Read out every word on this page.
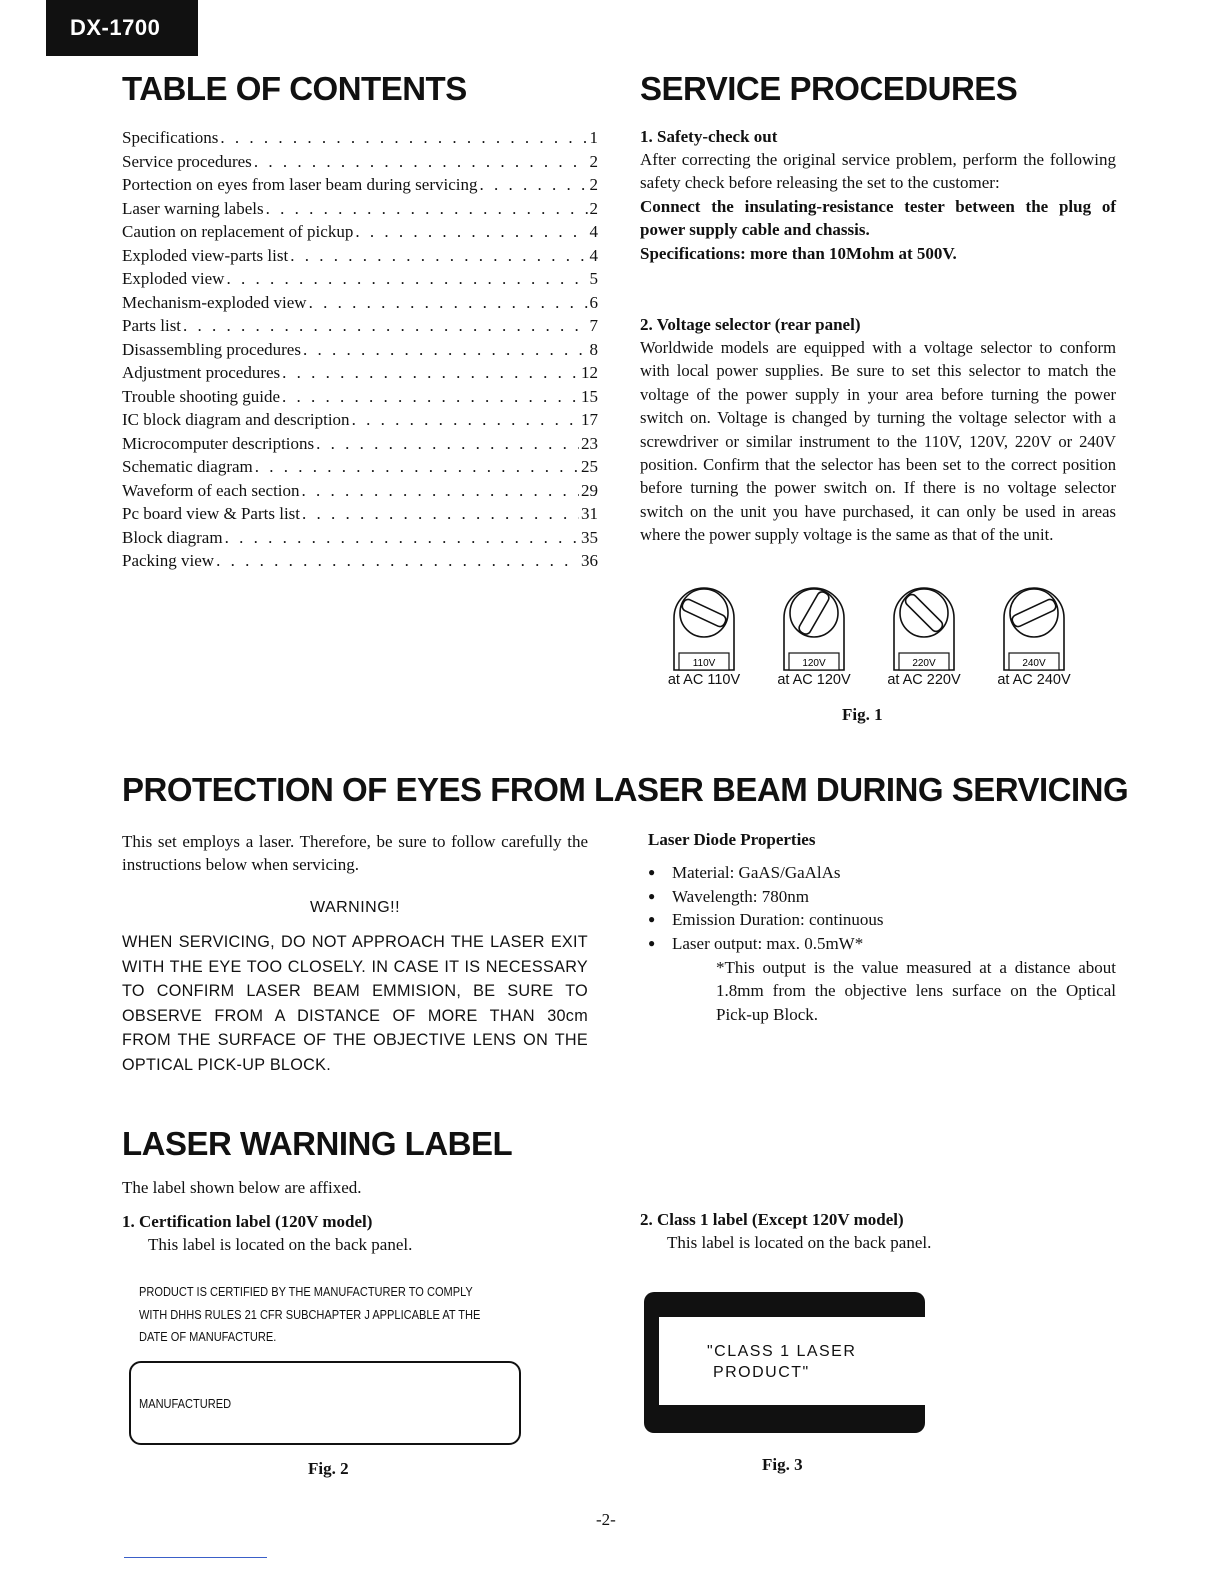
DX-1700
TABLE OF CONTENTS
Specifications . . .	1
Service procedures . . .	2
Portection on eyes from laser beam during servicing . . .	2
Laser warning labels . . .	2
Caution on replacement of pickup . . .	4
Exploded view-parts list . . .	4
Exploded view . . .	5
Mechanism-exploded view . . .	6
Parts list . . .	7
Disassembling procedures . . .	8
Adjustment procedures . . .	12
Trouble shooting guide . . .	15
IC block diagram and description . . .	17
Microcomputer descriptions . . .	23
Schematic diagram . . .	25
Waveform of each section . . .	29
Pc board view & Parts list . . .	31
Block diagram . . .	35
Packing view . . .	36
SERVICE PROCEDURES

1. Safety-check out

After correcting the original service problem, perform the following safety check before releasing the set to the customer:

Connect the insulating-resistance tester between the plug of power supply cable and chassis.

Specifications: more than 10Mohm at 500V.

2. Voltage selector (rear panel)

Worldwide models are equipped with a voltage selector to conform with local power supplies. Be sure to set this selector to match the voltage of the power supply in your area before turning the power switch on. Voltage is changed by turning the voltage selector with a screwdriver or similar instrument to the 110V, 120V, 220V or 240V position. Confirm that the selector has been set to the correct position before turning the power switch on. If there is no voltage selector switch on the unit you have purchased, it can only be used in areas where the power supply voltage is the same as that of the unit.

110V
at AC 110V
120V
at AC 120V
220V
at AC 220V
240V
at AC 240V
Fig. 1
PROTECTION OF EYES FROM LASER BEAM DURING SERVICING

This set employs a laser. Therefore, be sure to follow carefully the instructions below when servicing.

WARNING!!

WHEN SERVICING, DO NOT APPROACH THE LASER EXIT WITH THE EYE TOO CLOSELY. IN CASE IT IS NECESSARY TO CONFIRM LASER BEAM EMMISION, BE SURE TO OBSERVE FROM A DISTANCE OF MORE THAN 30cm FROM THE SURFACE OF THE OBJECTIVE LENS ON THE OPTICAL PICK-UP BLOCK.

Laser Diode Properties
● Material: GaAS/GaAlAs
● Wavelength: 780nm
● Emission Duration: continuous
● Laser output: max. 0.5mW*

*This output is the value measured at a distance about 1.8mm from the objective lens surface on the Optical Pick-up Block.

LASER WARNING LABEL

The label shown below are affixed.

1. Certification label (120V model)

This label is located on the back panel.

PRODUCT IS CERTIFIED BY THE MANUFACTURER TO COMPLY
WITH DHHS RULES 21 CFR SUBCHAPTER J APPLICABLE AT THE
DATE OF MANUFACTURE.
MANUFACTURED
Fig. 2

2. Class 1 label (Except 120V model)

This label is located on the back panel.

"CLASS 1 LASER
PRODUCT"
Fig. 3
-2-
